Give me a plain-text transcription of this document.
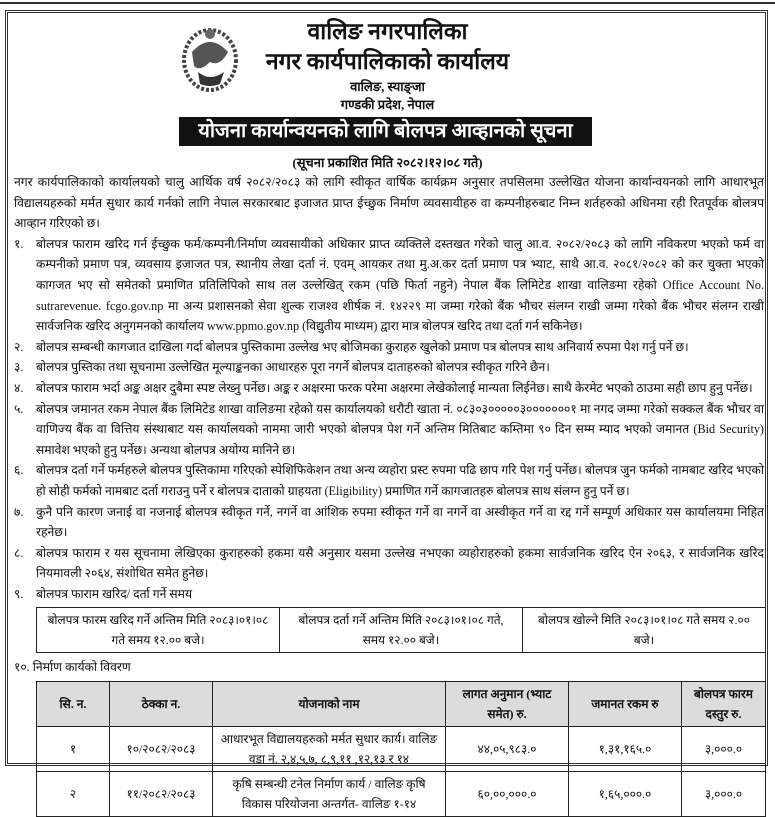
वालिङ नगरपालिका
नगर कार्यपालिकाको कार्यालय
वालिङ, स्याङ्जा
गण्डकी प्रदेश, नेपाल
योजना कार्यान्वयनको लागि बोलपत्र आव्हानको सूचना
(सूचना प्रकाशित मिति २०८२।१२।०८ गते)

नगर कार्यपालिकाको कार्यालयको चालु आर्थिक वर्ष २०८२/२०८३ को लागि स्वीकृत वार्षिक कार्यक्रम अनुसार तपसिलमा उल्लेखित योजना कार्यान्वयनको लागि आधारभूत विद्यालयहरुको मर्मत सुधार कार्य गर्नको लागि नेपाल सरकारबाट इजाजत प्राप्त ईच्छुक निर्माण व्यवसायीहरु वा कम्पनीहरुबाट निम्न शर्तहरुको अधिनमा रही रितपूर्वक बोलत्रप आव्हान गरिएको छ।

१.	बोलपत्र फाराम खरिद गर्न ईच्छुक फर्म/कम्पनी/निर्माण व्यवसायीको अधिकार प्राप्त व्यक्तिले दस्तखत गरेको चालु आ.व. २०८२/२०८३ को लागि नविकरण भएको फर्म वा कम्पनीको प्रमाण पत्र, व्यवसाय इजाजत पत्र, स्थानीय लेखा दर्ता नं. एवम् आयकर तथा मु.अ.कर दर्ता प्रमाण पत्र भ्याट, साथै आ.व. २०८१/२०८२ को कर चुक्ता भएको कागजत भए सो समेतको प्रमाणित प्रतिलिपिको साथ तल उल्लेखित् रकम (पछि फिर्ता नहुने) नेपाल बैंक लिमिटेड शाखा वालिङमा रहेको Office Account No. sutrarevenue. fcgo.gov.np मा अन्य प्रशासनको सेवा शुल्क राजश्व शीर्षक नं. १४२२९ मा जम्मा गरेको बैंक भौचर संलग्न राखी जम्मा गरेको बैंक भौचर संलग्न राखी सार्वजनिक खरिद अनुगमनको कार्यालय www.ppmo.gov.np (विद्युतीय माध्यम) द्वारा मात्र बोलपत्र खरिद तथा दर्ता गर्न सकिनेछ।
२.	बोलपत्र सम्बन्धी कागजात दाखिला गर्दा बोलपत्र पुस्तिकामा उल्लेख भए बोजिमका कुराहरु खुलेको प्रमाण पत्र बोलपत्र साथ अनिवार्य रुपमा पेश गर्नु पर्ने छ।
३.	बोलपत्र पुस्तिका तथा सूचनामा उल्लेखित मूल्याङ्कनका आधारहरु पूरा नगर्ने बोलपत्र दाताहरुको बोलपत्र स्वीकृत गरिने छैन।
४.	बोलपत्र फाराम भर्दा अङ्क अक्षर दुबैमा स्पष्ट लेख्नु पर्नेछ। अङ्क र अक्षरमा फरक परेमा अक्षरमा लेखेकोलाई मान्यता लिईनेछ। साथै केरमेट भएको ठाउमा सही छाप हुनु पर्नेछ।
५.	बोलपत्र जमानत रकम नेपाल बैंक लिमिटेड शाखा वालिङमा रहेको यस कार्यालयको धरौटी खाता नं. ०८३०३०००००३०००००००१ मा नगद जम्मा गरेको सक्कल बैंक भौचर वा वाणिज्य बैंक वा वित्तिय संस्थाबाट यस कार्यालयको नाममा जारी भएको बोलपत्र पेश गर्ने अन्तिम मितिबाट कम्तिमा ९० दिन सम्म म्याद भएको जमानत (Bid Security) समावेश भएको हुनु पर्नेछ। अन्यथा बोलपत्र अयोग्य मानिने छ।
६.	बोलपत्र दर्ता गर्ने फर्महरुले बोलपत्र पुस्तिकामा गरिएको स्पेशिफिकेशन तथा अन्य व्यहोरा प्रस्ट रुपमा पढि छाप गरि पेश गर्नु पर्नेछ। बोलपत्र जुन फर्मको नामबाट खरिद भएको हो सोही फर्मको नामबाट दर्ता गराउनु पर्ने र बोलपत्र दाताको ग्राहयता (Eligibility) प्रमाणित गर्ने कागजातहरु बोलपत्र साथ संलग्न हुनु पर्ने छ।
७.	कुनै पनि कारण जनाई वा नजनाई बोलपत्र स्वीकृत गर्ने, नगर्ने वा आंशिक रुपमा स्वीकृत गर्ने वा नगर्ने वा अस्वीकृत गर्ने वा रद्द गर्ने सम्पूर्ण अधिकार यस कार्यालयमा निहित रहनेछ।
८.	बोलपत्र फाराम र यस सूचनामा लेखिएका कुराहरुको हकमा यसै अनुसार यसमा उल्लेख नभएका व्यहोराहरुको हकमा सार्वजनिक खरिद ऐन २०६३, र सार्वजनिक खरिद नियमावली २०६४, संशोधित समेत हुनेछ।
९.	बोलपत्र फाराम खरिद/ दर्ता गर्ने समय
बोलपत्र फारम खरिद गर्ने अन्तिम मिति २०८३।०१।०८ गते समय १२.०० बजे।	बोलपत्र दर्ता गर्ने अन्तिम मिति २०८३।०१।०८ गते, समय १२.०० बजे।	बोलपत्र खोल्ने मिति २०८३।०१।०८ गते समय २.०० बजे।
१०. निर्माण कार्यको विवरण
सि. न.	ठेक्का न.	योजनाको नाम	लागत अनुमान (भ्याट समेत) रु.	जमानत रकम रु	बोलपत्र फारम दस्तुर रु.
१	१०/२०८२/२०८३	आधारभूत विद्यालयहरुको मर्मत सुधार कार्य। वालिङ वडा नं. २,४,५,७, ८,९,११ ,१२,१३ र १४	४४,०५,९८३.०	१,३१,१६५.०	३,०००.०
२	११/२०८२/२०८३	कृषि सम्बन्धी टनेल निर्माण कार्य / वालिङ कृषि विकास परियोजना अन्तर्गत- वालिङ १-१४	६०,००,०००.०	१,६५,०००.०	३,०००.०
